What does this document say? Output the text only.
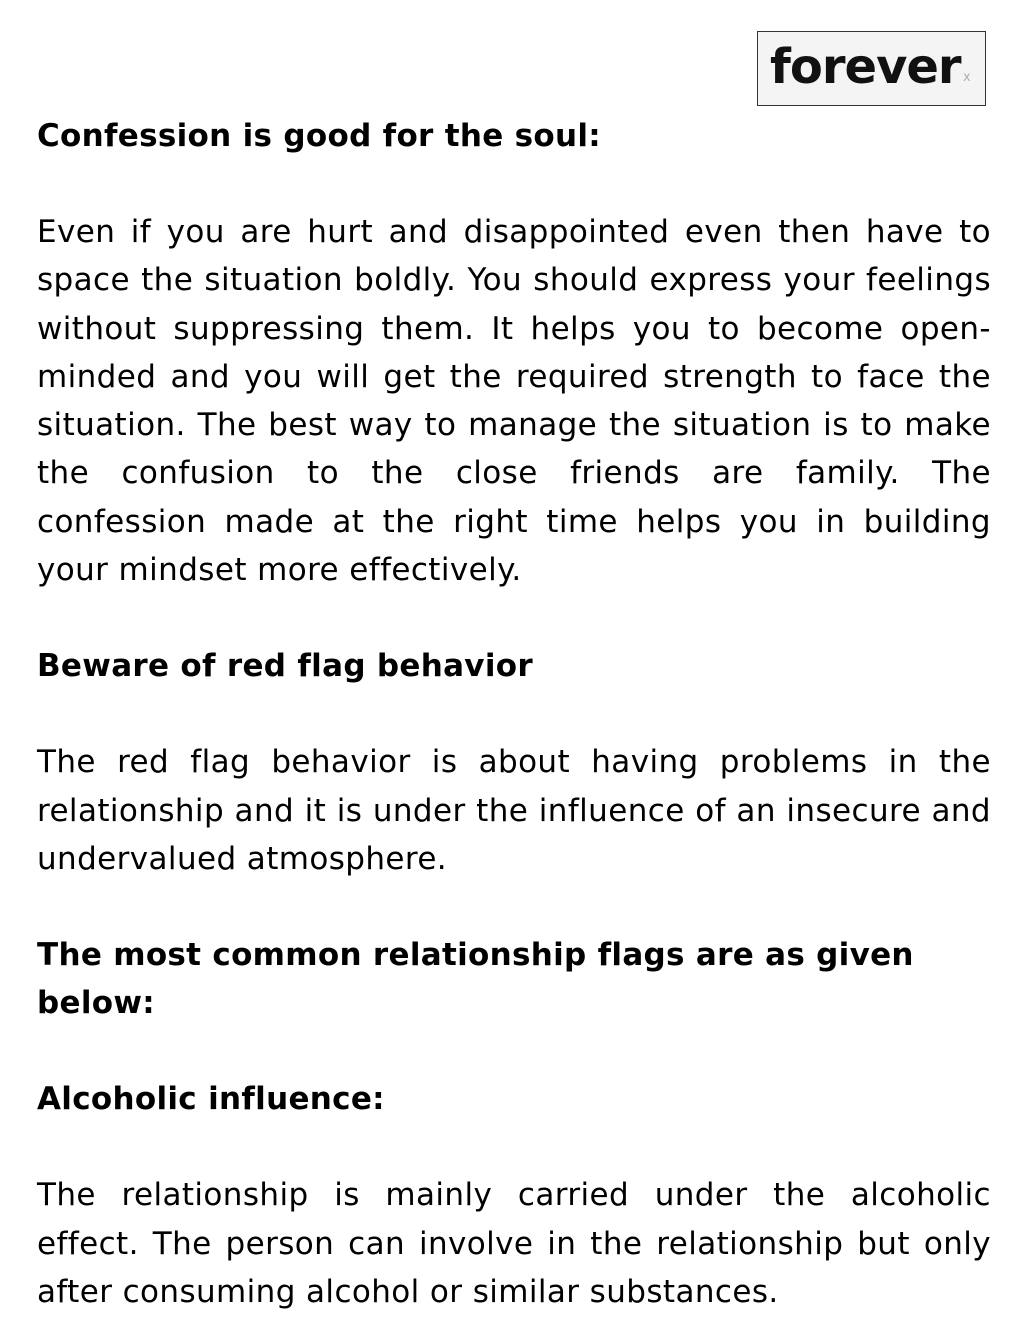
forever x
Confession is good for the soul:

Even if you are hurt and disappointed even then have to space the situation boldly. You should express your feelings without suppressing them. It helps you to become open-minded and you will get the required strength to face the situation. The best way to manage the situation is to make the confusion to the close friends are family. The confession made at the right time helps you in building your mindset more effectively.

Beware of red flag behavior

The red flag behavior is about having problems in the relationship and it is under the influence of an insecure and undervalued atmosphere.

The most common relationship flags are as given below:
Alcoholic influence:

The relationship is mainly carried under the alcoholic effect. The person can involve in the relationship but only after consuming alcohol or similar substances.
